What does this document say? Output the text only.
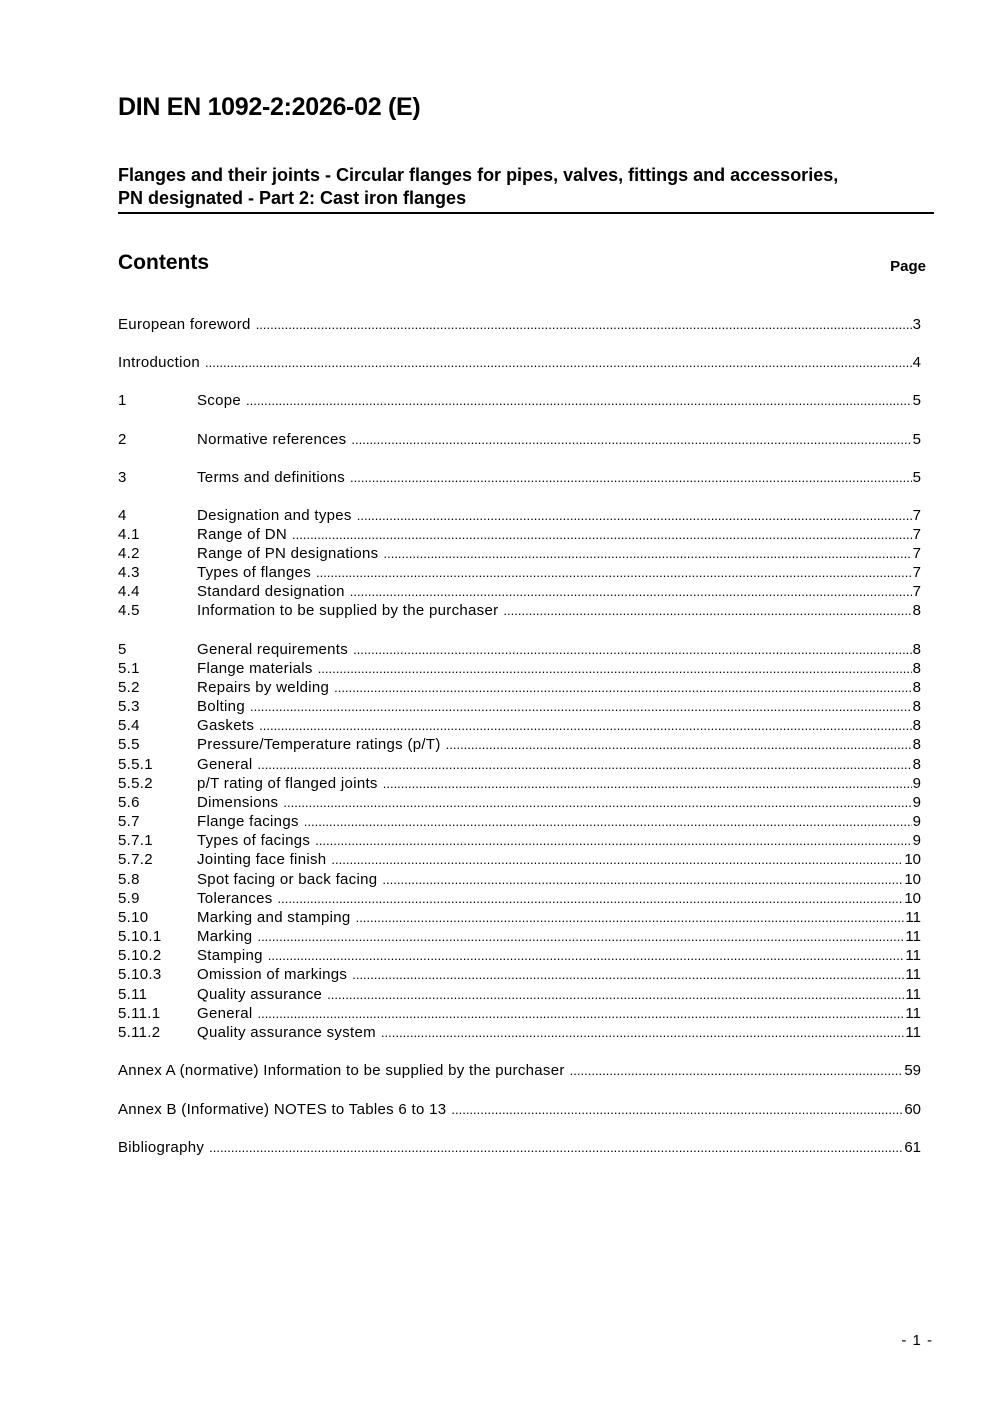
DIN EN 1092-2:2026-02 (E)
Flanges and their joints - Circular flanges for pipes, valves, fittings and accessories,
PN designated - Part 2: Cast iron flanges
Contents	Page
European foreword .....	3
Introduction .....	4
1	Scope .....	5
2	Normative references .....	5
3	Terms and definitions .....	5
4	Designation and types .....	7
4.1	Range of DN .....	7
4.2	Range of PN designations .....	7
4.3	Types of flanges .....	7
4.4	Standard designation .....	7
4.5	Information to be supplied by the purchaser .....	8
5	General requirements .....	8
5.1	Flange materials .....	8
5.2	Repairs by welding .....	8
5.3	Bolting .....	8
5.4	Gaskets .....	8
5.5	Pressure/Temperature ratings (p/T) .....	8
5.5.1	General .....	8
5.5.2	p/T rating of flanged joints .....	9
5.6	Dimensions .....	9
5.7	Flange facings .....	9
5.7.1	Types of facings .....	9
5.7.2	Jointing face finish .....	10
5.8	Spot facing or back facing .....	10
5.9	Tolerances .....	10
5.10	Marking and stamping .....	11
5.10.1	Marking .....	11
5.10.2	Stamping .....	11
5.10.3	Omission of markings .....	11
5.11	Quality assurance .....	11
5.11.1	General .....	11
5.11.2	Quality assurance system .....	11
Annex A (normative) Information to be supplied by the purchaser .....	59
Annex B (Informative) NOTES to Tables 6 to 13 .....	60
Bibliography .....	61
- 1 -
